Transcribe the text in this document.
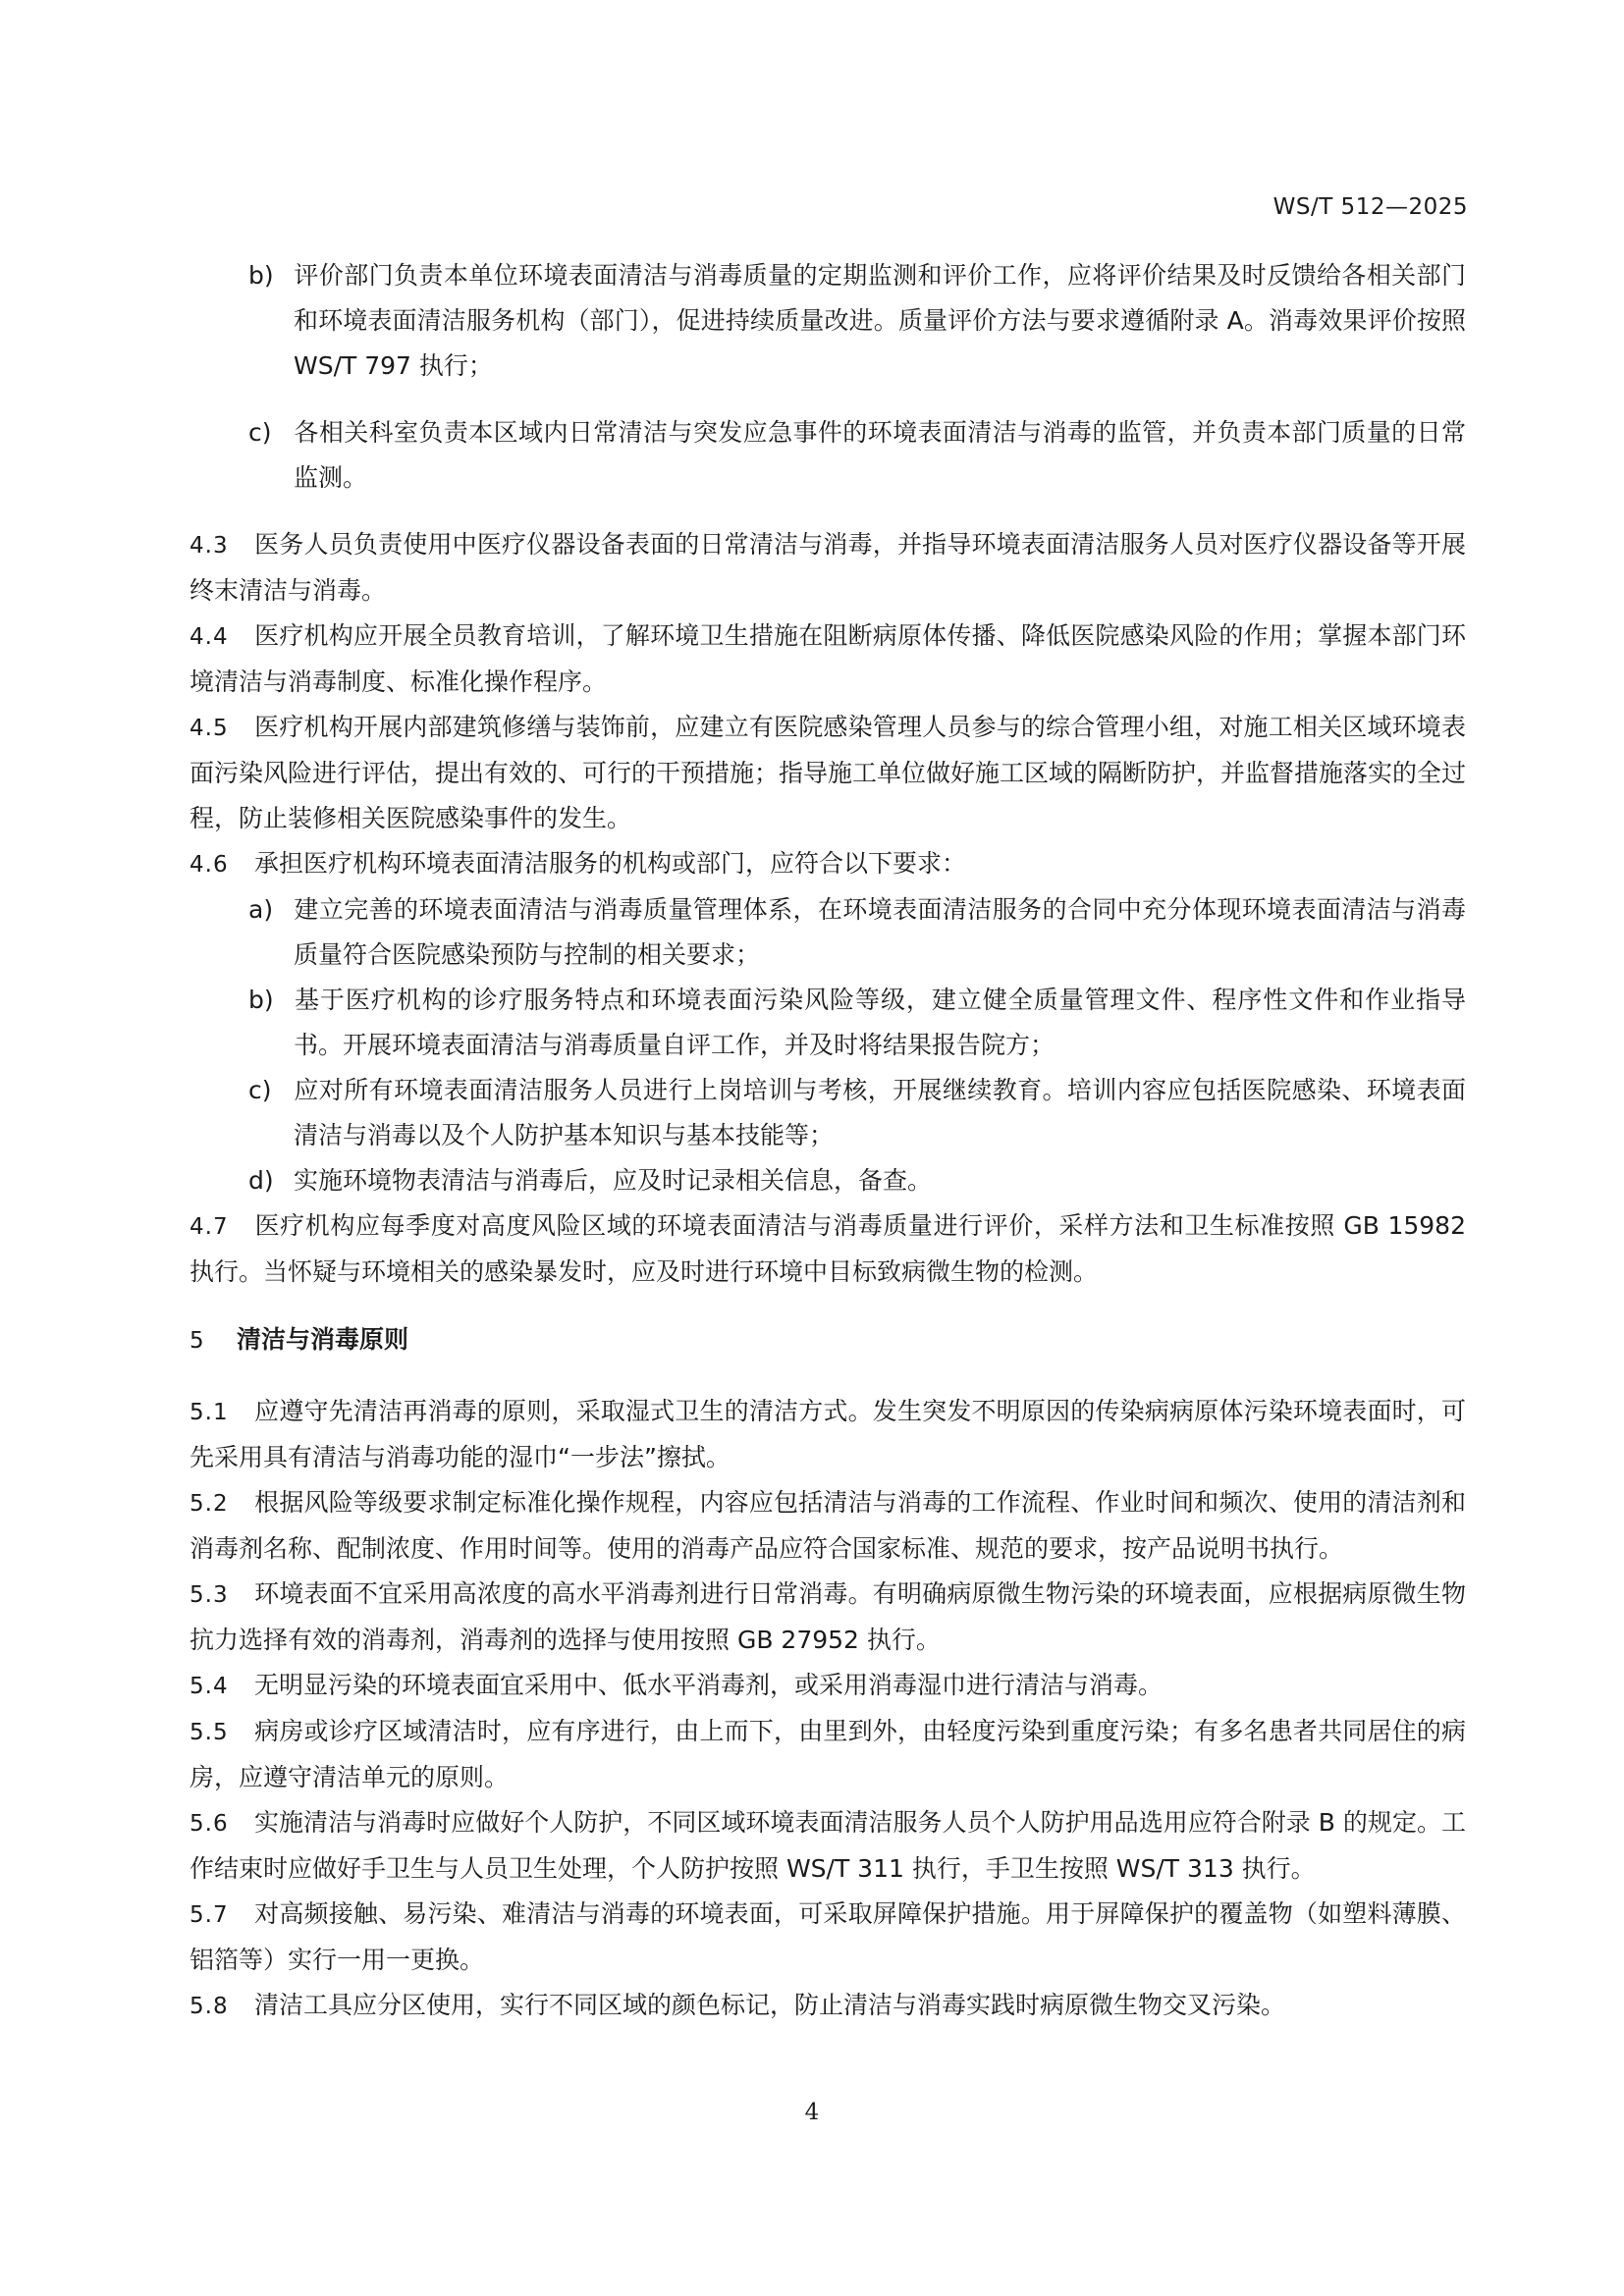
WS/T 512—2025

b) 评价部门负责本单位环境表面清洁与消毒质量的定期监测和评价工作，应将评价结果及时反馈给各相关部门和环境表面清洁服务机构（部门），促进持续质量改进。质量评价方法与要求遵循附录 A。消毒效果评价按照 WS/T 797 执行；

c) 各相关科室负责本区域内日常清洁与突发应急事件的环境表面清洁与消毒的监管，并负责本部门质量的日常监测。

4.3 医务人员负责使用中医疗仪器设备表面的日常清洁与消毒，并指导环境表面清洁服务人员对医疗仪器设备等开展终末清洁与消毒。

4.4 医疗机构应开展全员教育培训，了解环境卫生措施在阻断病原体传播、降低医院感染风险的作用；掌握本部门环境清洁与消毒制度、标准化操作程序。

4.5 医疗机构开展内部建筑修缮与装饰前，应建立有医院感染管理人员参与的综合管理小组，对施工相关区域环境表面污染风险进行评估，提出有效的、可行的干预措施；指导施工单位做好施工区域的隔断防护，并监督措施落实的全过程，防止装修相关医院感染事件的发生。

4.6 承担医疗机构环境表面清洁服务的机构或部门，应符合以下要求：

a) 建立完善的环境表面清洁与消毒质量管理体系，在环境表面清洁服务的合同中充分体现环境表面清洁与消毒质量符合医院感染预防与控制的相关要求；

b) 基于医疗机构的诊疗服务特点和环境表面污染风险等级，建立健全质量管理文件、程序性文件和作业指导书。开展环境表面清洁与消毒质量自评工作，并及时将结果报告院方；

c) 应对所有环境表面清洁服务人员进行上岗培训与考核，开展继续教育。培训内容应包括医院感染、环境表面清洁与消毒以及个人防护基本知识与基本技能等；

d) 实施环境物表清洁与消毒后，应及时记录相关信息，备查。

4.7 医疗机构应每季度对高度风险区域的环境表面清洁与消毒质量进行评价，采样方法和卫生标准按照 GB 15982 执行。当怀疑与环境相关的感染暴发时，应及时进行环境中目标致病微生物的检测。

5 清洁与消毒原则

5.1 应遵守先清洁再消毒的原则，采取湿式卫生的清洁方式。发生突发不明原因的传染病病原体污染环境表面时，可先采用具有清洁与消毒功能的湿巾“一步法”擦拭。

5.2 根据风险等级要求制定标准化操作规程，内容应包括清洁与消毒的工作流程、作业时间和频次、使用的清洁剂和消毒剂名称、配制浓度、作用时间等。使用的消毒产品应符合国家标准、规范的要求，按产品说明书执行。

5.3 环境表面不宜采用高浓度的高水平消毒剂进行日常消毒。有明确病原微生物污染的环境表面，应根据病原微生物抗力选择有效的消毒剂，消毒剂的选择与使用按照 GB 27952 执行。

5.4 无明显污染的环境表面宜采用中、低水平消毒剂，或采用消毒湿巾进行清洁与消毒。

5.5 病房或诊疗区域清洁时，应有序进行，由上而下，由里到外，由轻度污染到重度污染；有多名患者共同居住的病房，应遵守清洁单元的原则。

5.6 实施清洁与消毒时应做好个人防护，不同区域环境表面清洁服务人员个人防护用品选用应符合附录 B 的规定。工作结束时应做好手卫生与人员卫生处理，个人防护按照 WS/T 311 执行，手卫生按照 WS/T 313 执行。

5.7 对高频接触、易污染、难清洁与消毒的环境表面，可采取屏障保护措施。用于屏障保护的覆盖物（如塑料薄膜、铝箔等）实行一用一更换。

5.8 清洁工具应分区使用，实行不同区域的颜色标记，防止清洁与消毒实践时病原微生物交叉污染。

4
